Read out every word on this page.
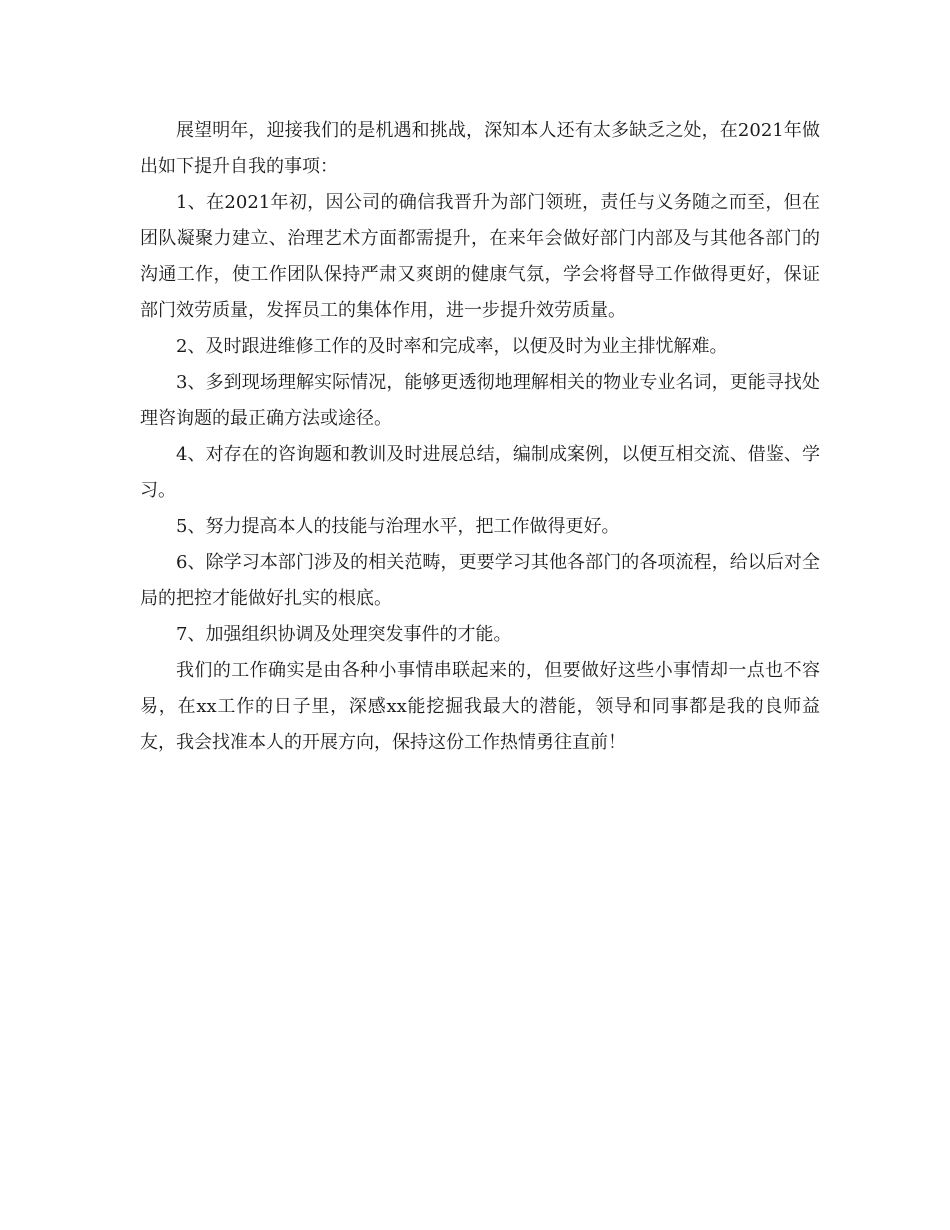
展望明年，迎接我们的是机遇和挑战，深知本人还有太多缺乏之处，在2021年做出如下提升自我的事项：

1、在2021年初，因公司的确信我晋升为部门领班，责任与义务随之而至，但在团队凝聚力建立、治理艺术方面都需提升，在来年会做好部门内部及与其他各部门的沟通工作，使工作团队保持严肃又爽朗的健康气氛，学会将督导工作做得更好，保证部门效劳质量，发挥员工的集体作用，进一步提升效劳质量。

2、及时跟进维修工作的及时率和完成率，以便及时为业主排忧解难。

3、多到现场理解实际情况，能够更透彻地理解相关的物业专业名词，更能寻找处理咨询题的最正确方法或途径。

4、对存在的咨询题和教训及时进展总结，编制成案例，以便互相交流、借鉴、学习。

5、努力提高本人的技能与治理水平，把工作做得更好。

6、除学习本部门涉及的相关范畴，更要学习其他各部门的各项流程，给以后对全局的把控才能做好扎实的根底。

7、加强组织协调及处理突发事件的才能。

我们的工作确实是由各种小事情串联起来的，但要做好这些小事情却一点也不容易，在xx工作的日子里，深感xx能挖掘我最大的潜能，领导和同事都是我的良师益友，我会找准本人的开展方向，保持这份工作热情勇往直前！
